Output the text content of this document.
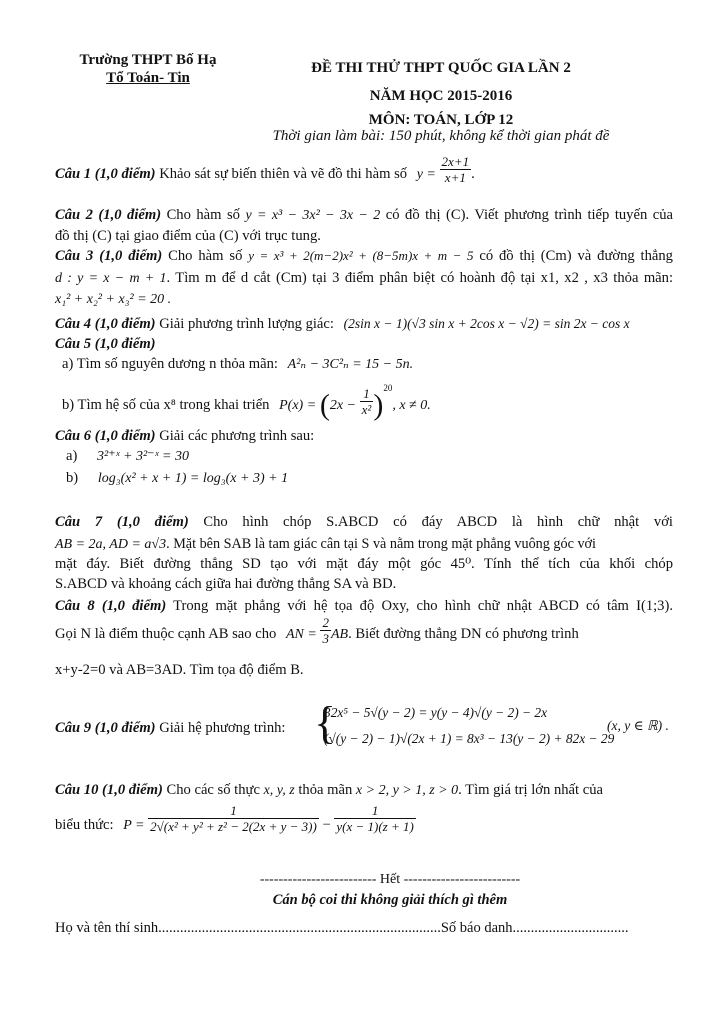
Trường THPT Bố Hạ
Tổ Toán- Tin
ĐỀ THI THỬ THPT QUỐC GIA LẦN 2
NĂM HỌC 2015-2016
MÔN: TOÁN, LỚP 12
Thời gian làm bài: 150 phút, không kể thời gian phát đề
Câu 1 (1,0 điểm) Khảo sát sự biến thiên và vẽ đồ thi hàm số $y = \frac{2x+1}{x+1}$ .
Câu 2 (1,0 điểm) Cho hàm số y = x³ − 3x² − 3x − 2 có đồ thị (C). Viết phương trình tiếp tuyến của
đồ thị (C) tại giao điểm của (C) với trục tung.
Câu 3 (1,0 điểm) Cho hàm số y = x³ + 2(m−2)x² + (8−5m)x + m − 5 có đồ thị (Cm) và đường thẳng
d : y = x − m + 1. Tìm m để d cắt (Cm) tại 3 điểm phân biệt có hoành độ tại x1, x2 , x3 thỏa mãn:
x₁² + x₂² + x₃² = 20 .
Câu 4 (1,0 điểm) Giải phương trình lượng giác: (2sin x − 1)(√3 sin x + 2cos x − √2) = sin 2x − cos x
Câu 5 (1,0 điểm)
a) Tìm số nguyên dương n thỏa mãn: A²ₙ − 3C²ₙ = 15 − 5n.
b) Tìm hệ số của x⁸ trong khai triển $P(x) = (2x - \frac{1}{\text{x²}} )^{20}$, x ≠ 0.
Câu 6 (1,0 điểm) Giải các phương trình sau:
a) 3²⁺ˣ + 3²⁻ˣ = 30
b) log₃(x² + x + 1) = log₃(x + 3) + 1
Câu 7 (1,0 điểm) Cho hình chóp S.ABCD có đáy ABCD là hình chữ nhật với
AB = 2a, AD = a√3. Mặt bên SAB là tam giác cân tại S và nằm trong mặt phẳng vuông góc với
mặt đáy. Biết đường thẳng SD tạo với mặt đáy một góc 45⁰. Tính thể tích của khối chóp
S.ABCD và khoảng cách giữa hai đường thẳng SA và BD.
Câu 8 (1,0 điểm) Trong mặt phẳng với hệ tọa độ Oxy, cho hình chữ nhật ABCD có tâm I(1;3).
Gọi N là điểm thuộc cạnh AB sao cho AN = $\frac{2}{3}$ AB. Biết đường thẳng DN có phương trình
x+y-2=0 và AB=3AD. Tìm tọa độ điểm B.
Câu 9 (1,0 điểm) Giải hệ phương trình: {
32x⁵ − 5√(y − 2) = y(y − 4)√(y − 2) − 2x
(√(y − 2) − 1)√(2x + 1) = 8x³ − 13(y − 2) + 82x − 29
(x, y ∈ ℝ) .
Câu 10 (1,0 điểm) Cho các số thực x, y, z thỏa mãn x > 2, y > 1, z > 0. Tìm giá trị lớn nhất của
biểu thức: $P = \frac{1}{\text{2√(x² + y² + z² − 2(2x + y − 3))}} - \frac{1}{y(x - 1)(z + 1)}$
------------------------- Hết -------------------------
Cán bộ coi thi không giải thích gì thêm
Họ và tên thí sinh..............................................................................Số báo danh................................
